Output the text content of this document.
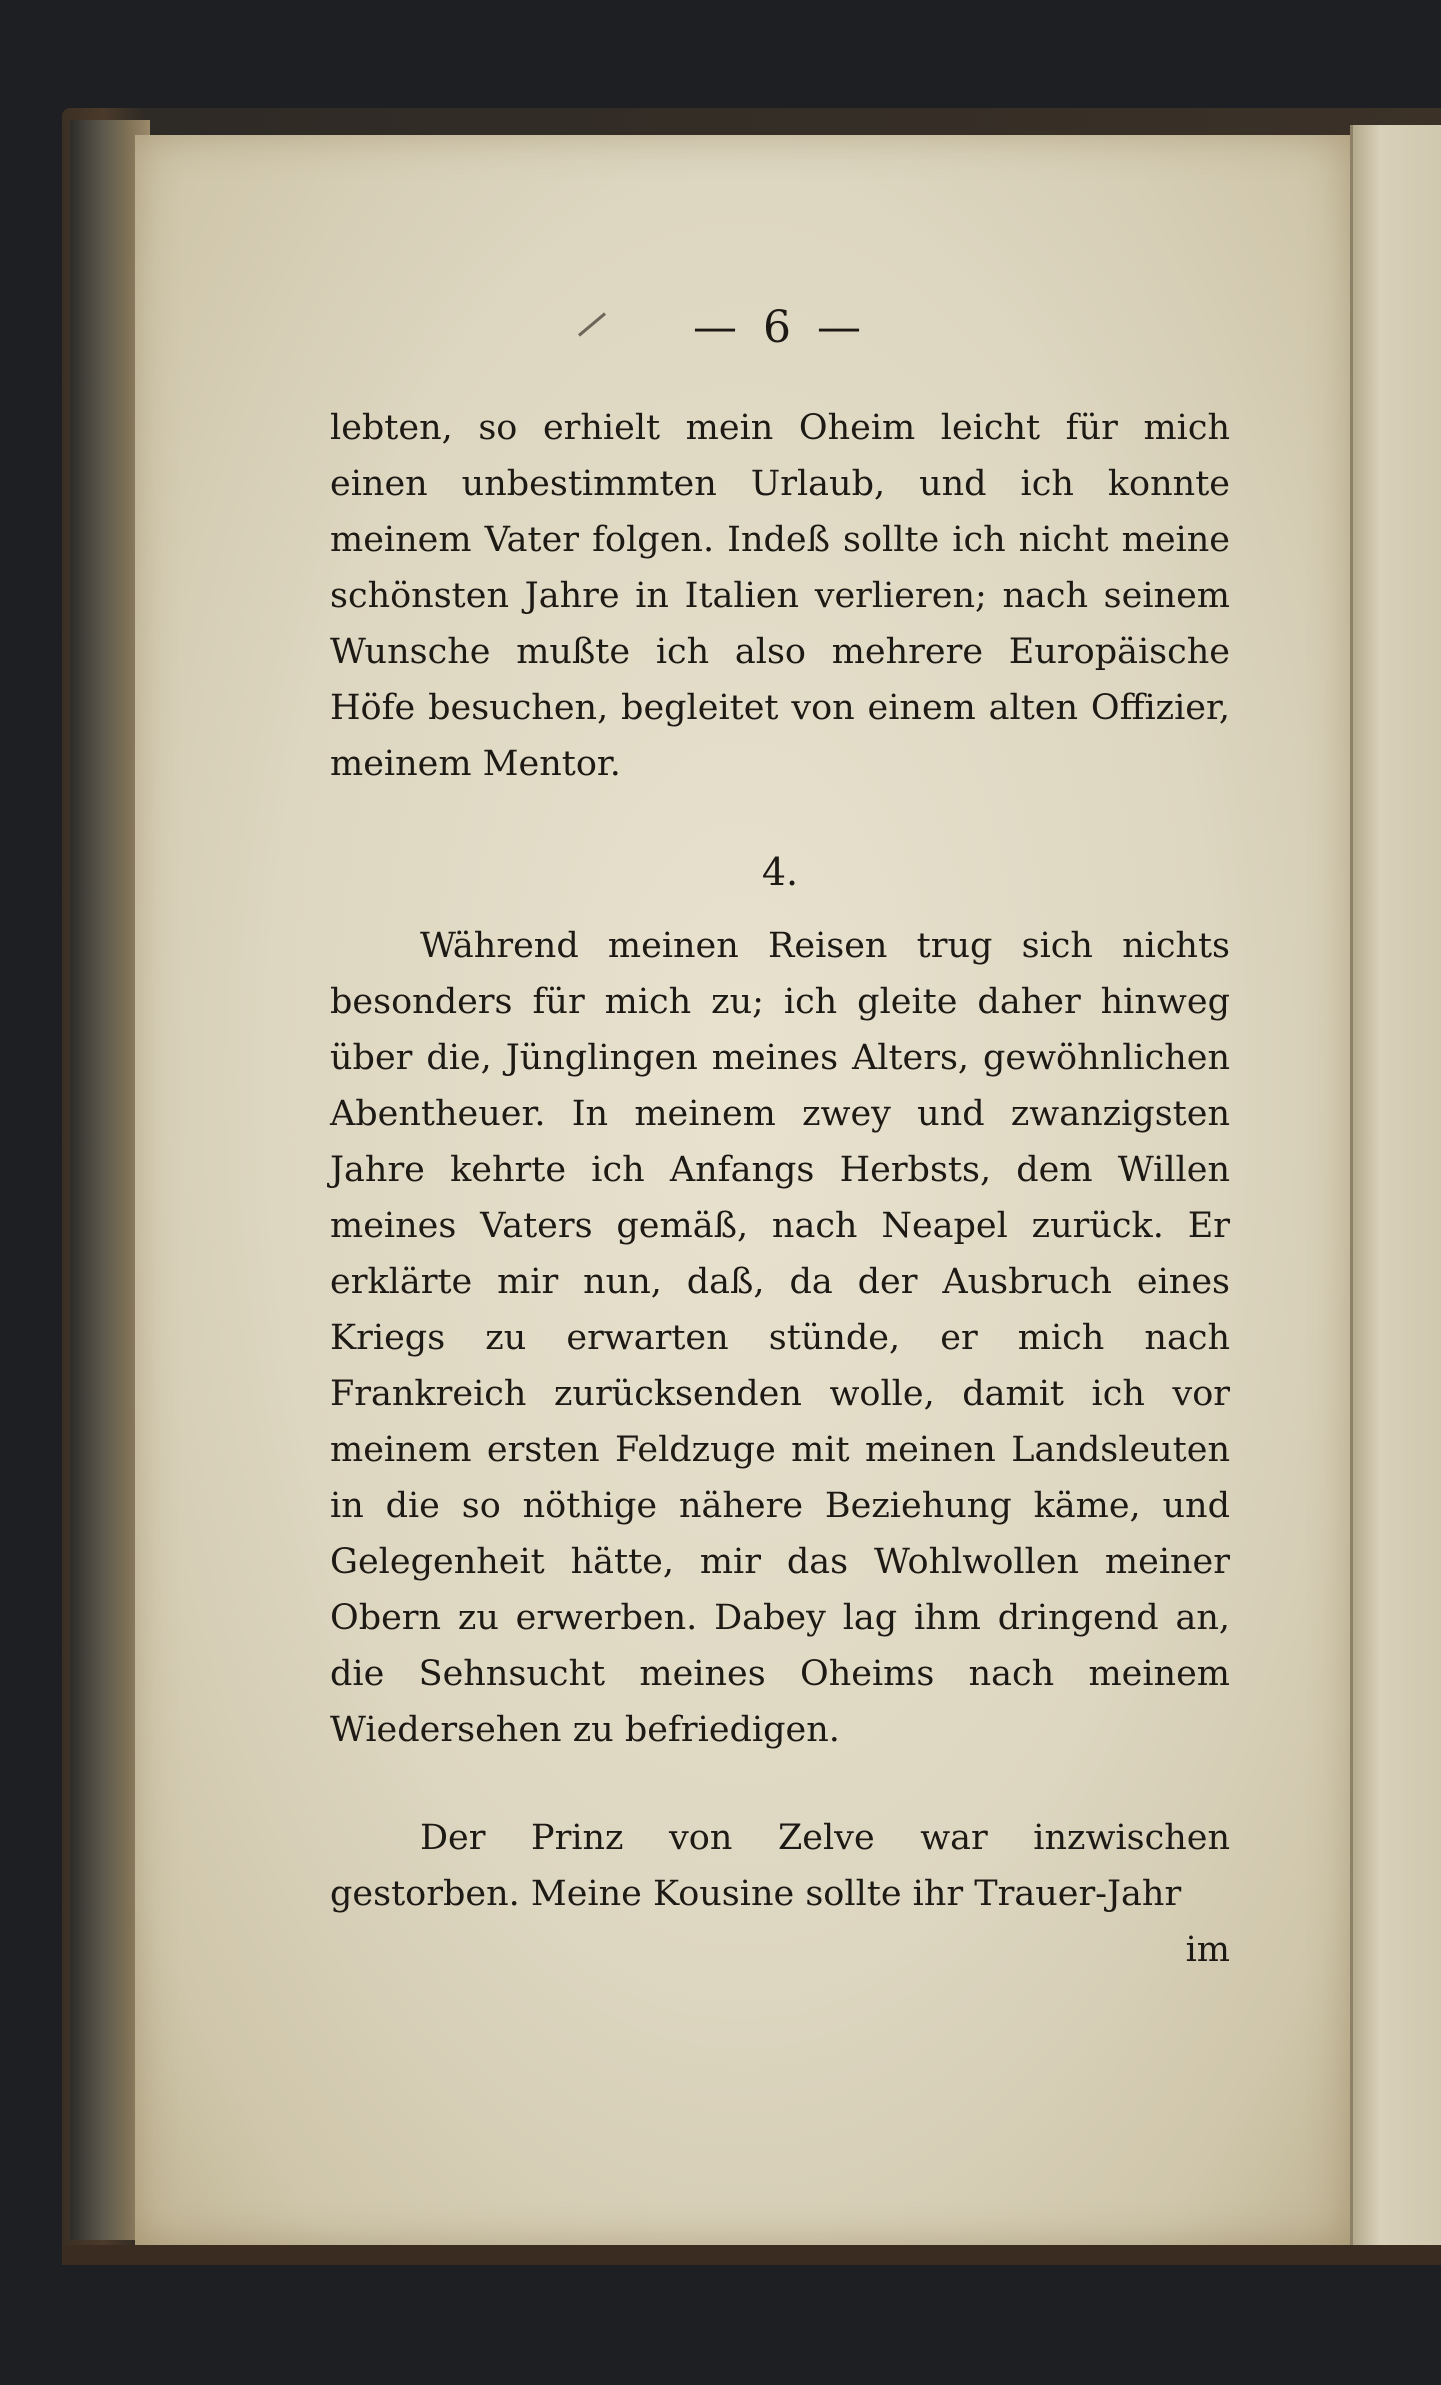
— 6 —

lebten, so erhielt mein Oheim leicht für mich einen unbestimmten Urlaub, und ich konnte meinem Vater folgen. Indeß sollte ich nicht meine schönsten Jahre in Italien verlieren; nach seinem Wunsche mußte ich also mehrere Europäische Höfe besuchen, begleitet von einem alten Offizier, meinem Mentor.

4.

Während meinen Reisen trug sich nichts besonders für mich zu; ich gleite daher hinweg über die, Jünglingen meines Alters, gewöhnlichen Abentheuer. In meinem zwey und zwanzigsten Jahre kehrte ich Anfangs Herbsts, dem Willen meines Vaters gemäß, nach Neapel zurück. Er erklärte mir nun, daß, da der Ausbruch eines Kriegs zu erwarten stünde, er mich nach Frankreich zurücksenden wolle, damit ich vor meinem ersten Feldzuge mit meinen Landsleuten in die so nöthige nähere Beziehung käme, und Gelegenheit hätte, mir das Wohlwollen meiner Obern zu erwerben. Dabey lag ihm dringend an, die Sehnsucht meines Oheims nach meinem Wiedersehen zu befriedigen.

Der Prinz von Zelve war inzwischen gestorben. Meine Kousine sollte ihr Trauer-Jahr

im
